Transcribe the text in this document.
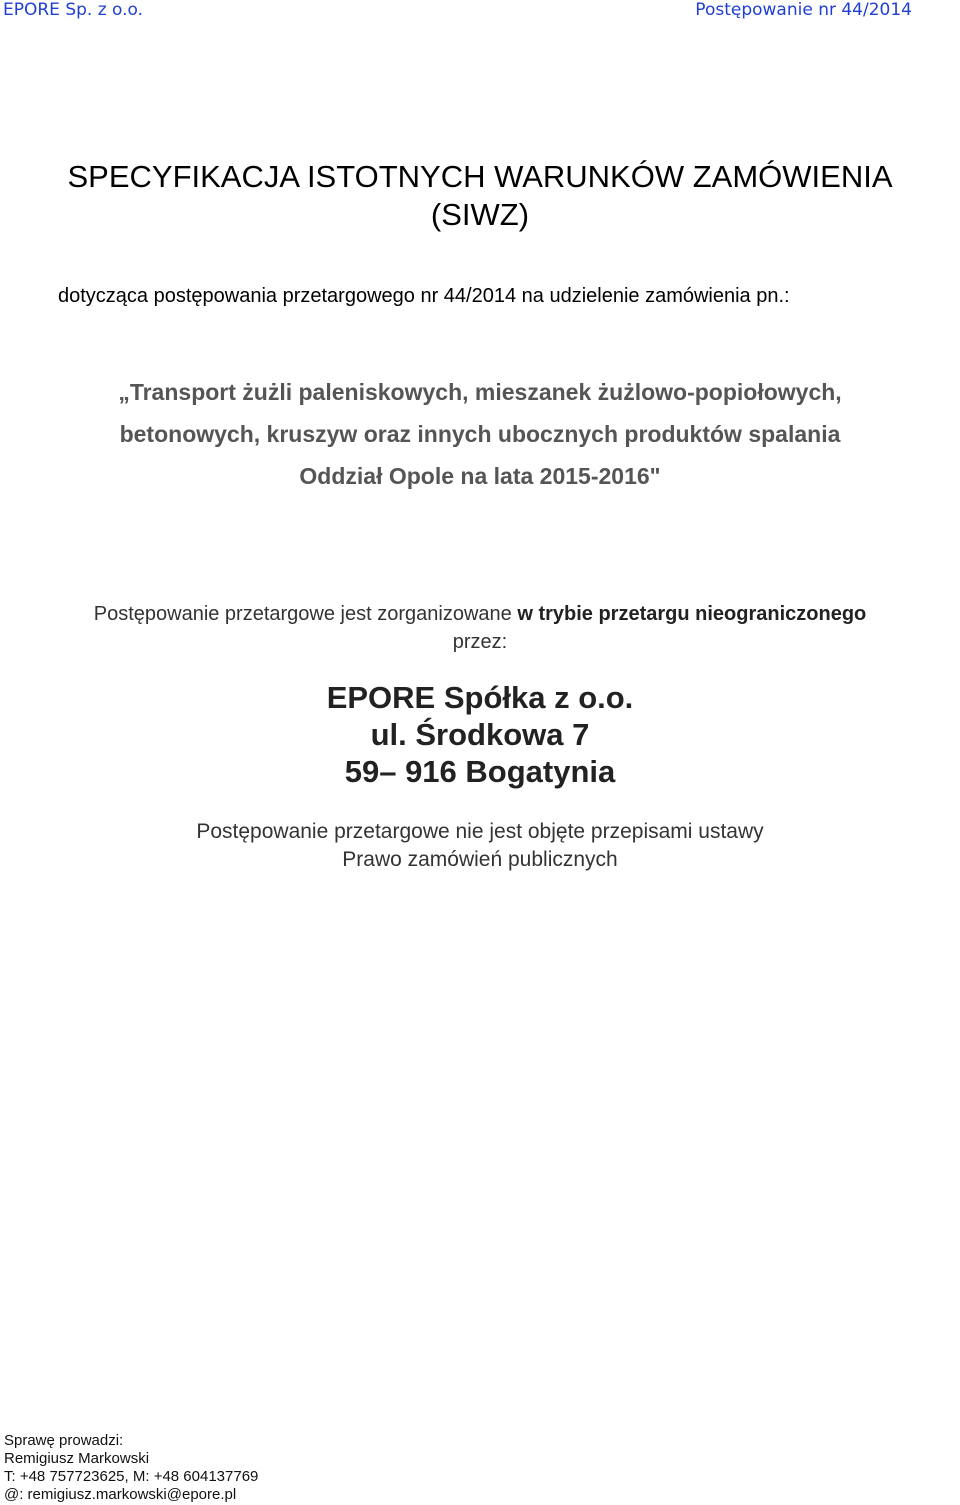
EPORE Sp. z o.o.	Postępowanie nr 44/2014
SPECYFIKACJA ISTOTNYCH WARUNKÓW ZAMÓWIENIA
(SIWZ)
dotycząca postępowania przetargowego nr 44/2014 na udzielenie zamówienia pn.:
„Transport żużli paleniskowych, mieszanek żużlowo-popiołowych,
betonowych, kruszyw oraz innych ubocznych produktów spalania
Oddział Opole na lata 2015-2016"
Postępowanie przetargowe jest zorganizowane w trybie przetargu nieograniczonego
przez:
EPORE Spółka z o.o.
ul. Środkowa 7
59– 916 Bogatynia
Postępowanie przetargowe nie jest objęte przepisami ustawy
Prawo zamówień publicznych
Sprawę prowadzi:
Remigiusz Markowski
T: +48 757723625, M: +48 604137769
@: remigiusz.markowski@epore.pl
